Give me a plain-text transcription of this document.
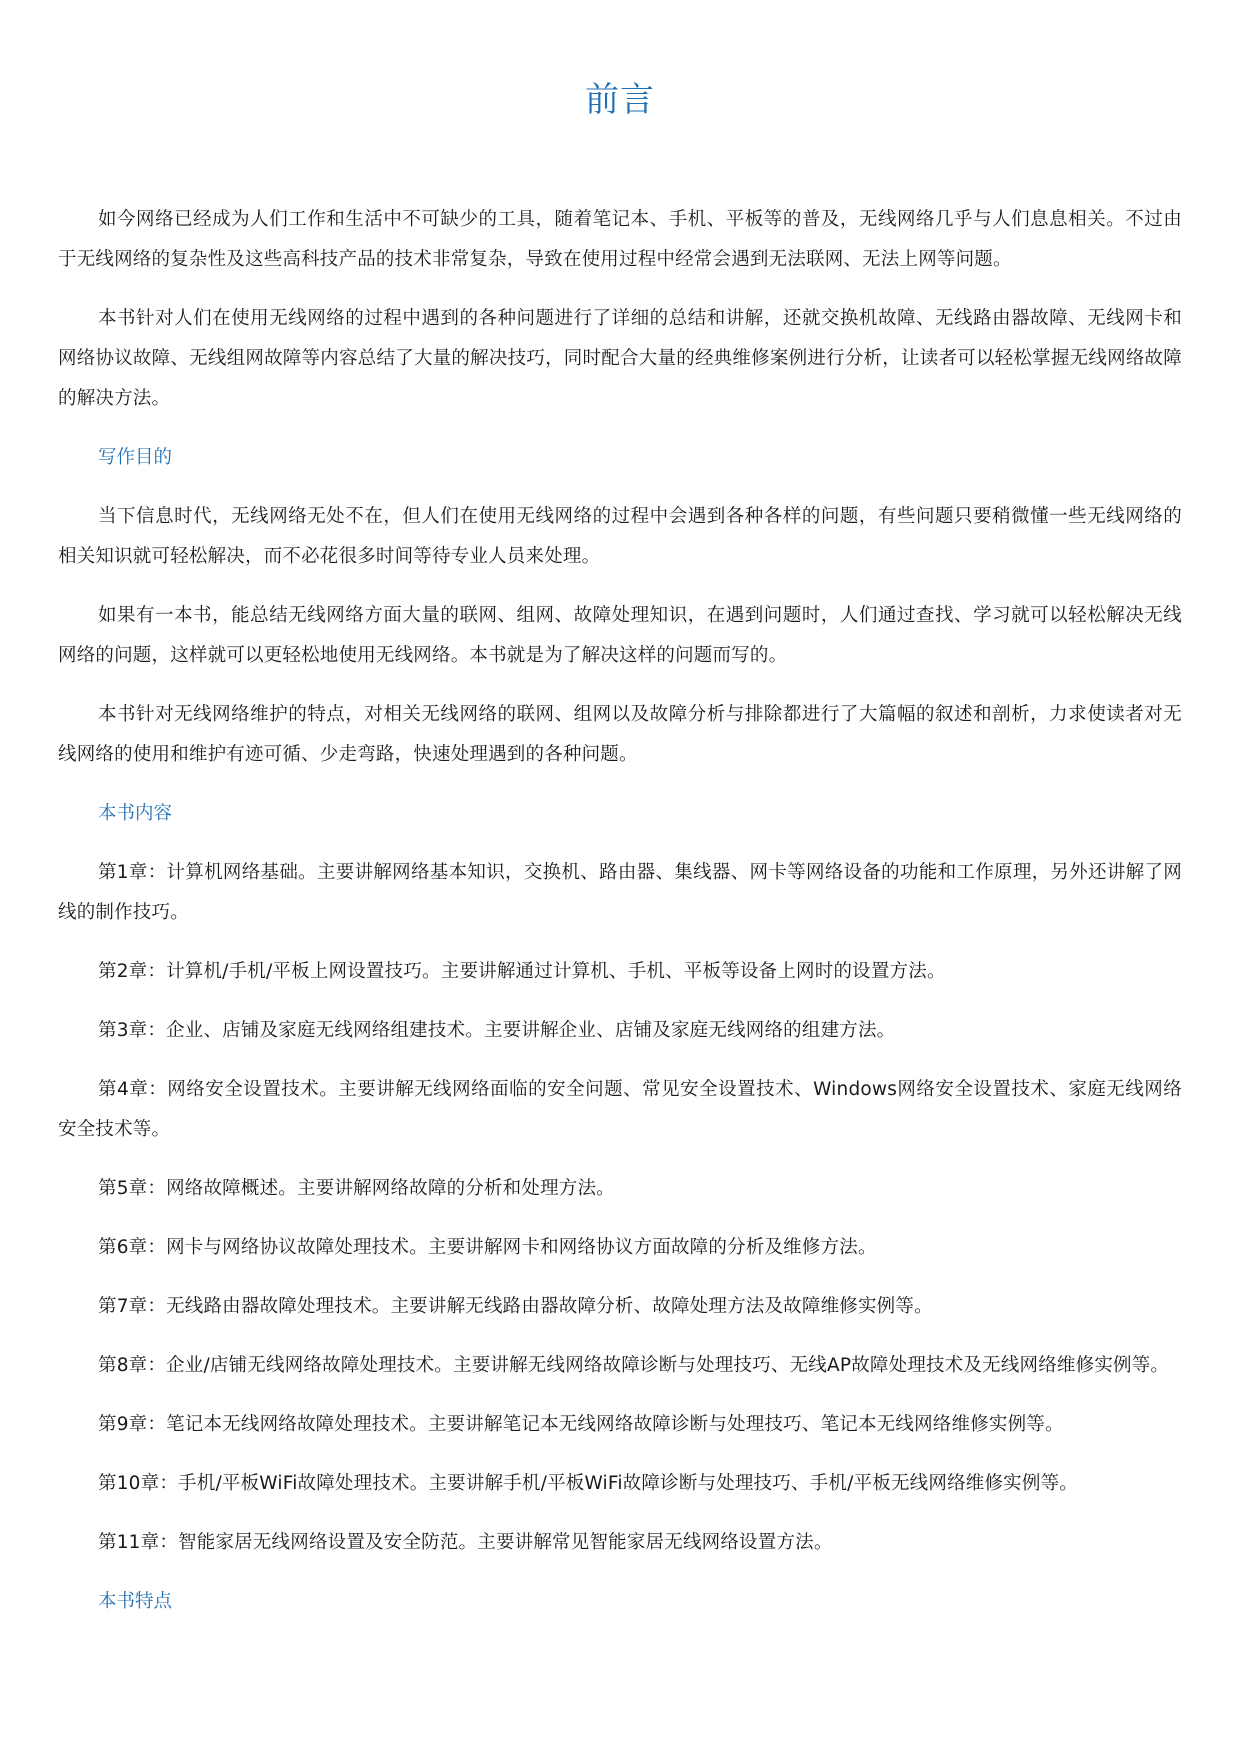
前言

如今网络已经成为人们工作和生活中不可缺少的工具，随着笔记本、手机、平板等的普及，无线网络几乎与人们息息相关。不过由于无线网络的复杂性及这些高科技产品的技术非常复杂，导致在使用过程中经常会遇到无法联网、无法上网等问题。

本书针对人们在使用无线网络的过程中遇到的各种问题进行了详细的总结和讲解，还就交换机故障、无线路由器故障、无线网卡和网络协议故障、无线组网故障等内容总结了大量的解决技巧，同时配合大量的经典维修案例进行分析，让读者可以轻松掌握无线网络故障的解决方法。

写作目的

当下信息时代，无线网络无处不在，但人们在使用无线网络的过程中会遇到各种各样的问题，有些问题只要稍微懂一些无线网络的相关知识就可轻松解决，而不必花很多时间等待专业人员来处理。

如果有一本书，能总结无线网络方面大量的联网、组网、故障处理知识，在遇到问题时，人们通过查找、学习就可以轻松解决无线网络的问题，这样就可以更轻松地使用无线网络。本书就是为了解决这样的问题而写的。

本书针对无线网络维护的特点，对相关无线网络的联网、组网以及故障分析与排除都进行了大篇幅的叙述和剖析，力求使读者对无线网络的使用和维护有迹可循、少走弯路，快速处理遇到的各种问题。

本书内容

第1章：计算机网络基础。主要讲解网络基本知识，交换机、路由器、集线器、网卡等网络设备的功能和工作原理，另外还讲解了网线的制作技巧。

第2章：计算机/手机/平板上网设置技巧。主要讲解通过计算机、手机、平板等设备上网时的设置方法。

第3章：企业、店铺及家庭无线网络组建技术。主要讲解企业、店铺及家庭无线网络的组建方法。

第4章：网络安全设置技术。主要讲解无线网络面临的安全问题、常见安全设置技术、Windows网络安全设置技术、家庭无线网络安全技术等。

第5章：网络故障概述。主要讲解网络故障的分析和处理方法。

第6章：网卡与网络协议故障处理技术。主要讲解网卡和网络协议方面故障的分析及维修方法。

第7章：无线路由器故障处理技术。主要讲解无线路由器故障分析、故障处理方法及故障维修实例等。

第8章：企业/店铺无线网络故障处理技术。主要讲解无线网络故障诊断与处理技巧、无线AP故障处理技术及无线网络维修实例等。

第9章：笔记本无线网络故障处理技术。主要讲解笔记本无线网络故障诊断与处理技巧、笔记本无线网络维修实例等。

第10章：手机/平板WiFi故障处理技术。主要讲解手机/平板WiFi故障诊断与处理技巧、手机/平板无线网络维修实例等。

第11章：智能家居无线网络设置及安全防范。主要讲解常见智能家居无线网络设置方法。

本书特点
